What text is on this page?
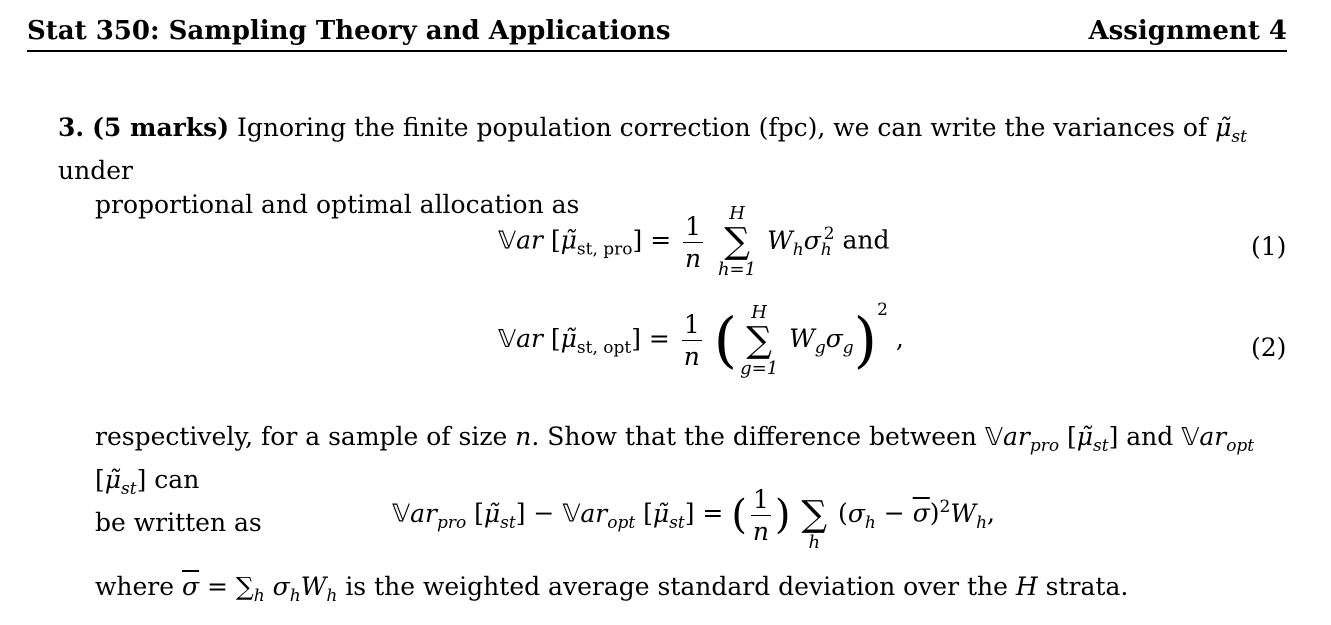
Stat 350: Sampling Theory and Applications	Assignment 4
3. (5 marks) Ignoring the finite population correction (fpc), we can write the variances of $\mũ_{st}$ under
proportional and optimal allocation as
𝕍ar $[\mũ_{st, pro}] = \frac{1}{n}$
	H
∑
h=1
$W_h\sigma_h^2$ and	(1)
𝕍ar $[\mũ_{st, opt}] = \frac{1}{n}$ ( H
∑
g=1
$W_g\sigma_g)^2$ ,	(2)
respectively, for a sample of size n. Show that the difference between 𝕍ar$_{pro}$ $[\mũ_{st}]$ and 𝕍ar$_{opt}$ $[\mũ_{st}]$ can
be written as	𝕍ar$_{pro}$ $[\mũ_{st}]$ − 𝕍ar$_{opt}$ $[\mũ_{st}]$ = ( $\frac{1}{n}$ )
∑
h
$(\sigma_h - \overline{\sigma})^2W_h$,
where $\overline{\sigma} = \sum_h$ $\sigma_hW_h$ is the weighted average standard deviation over the H strata.
